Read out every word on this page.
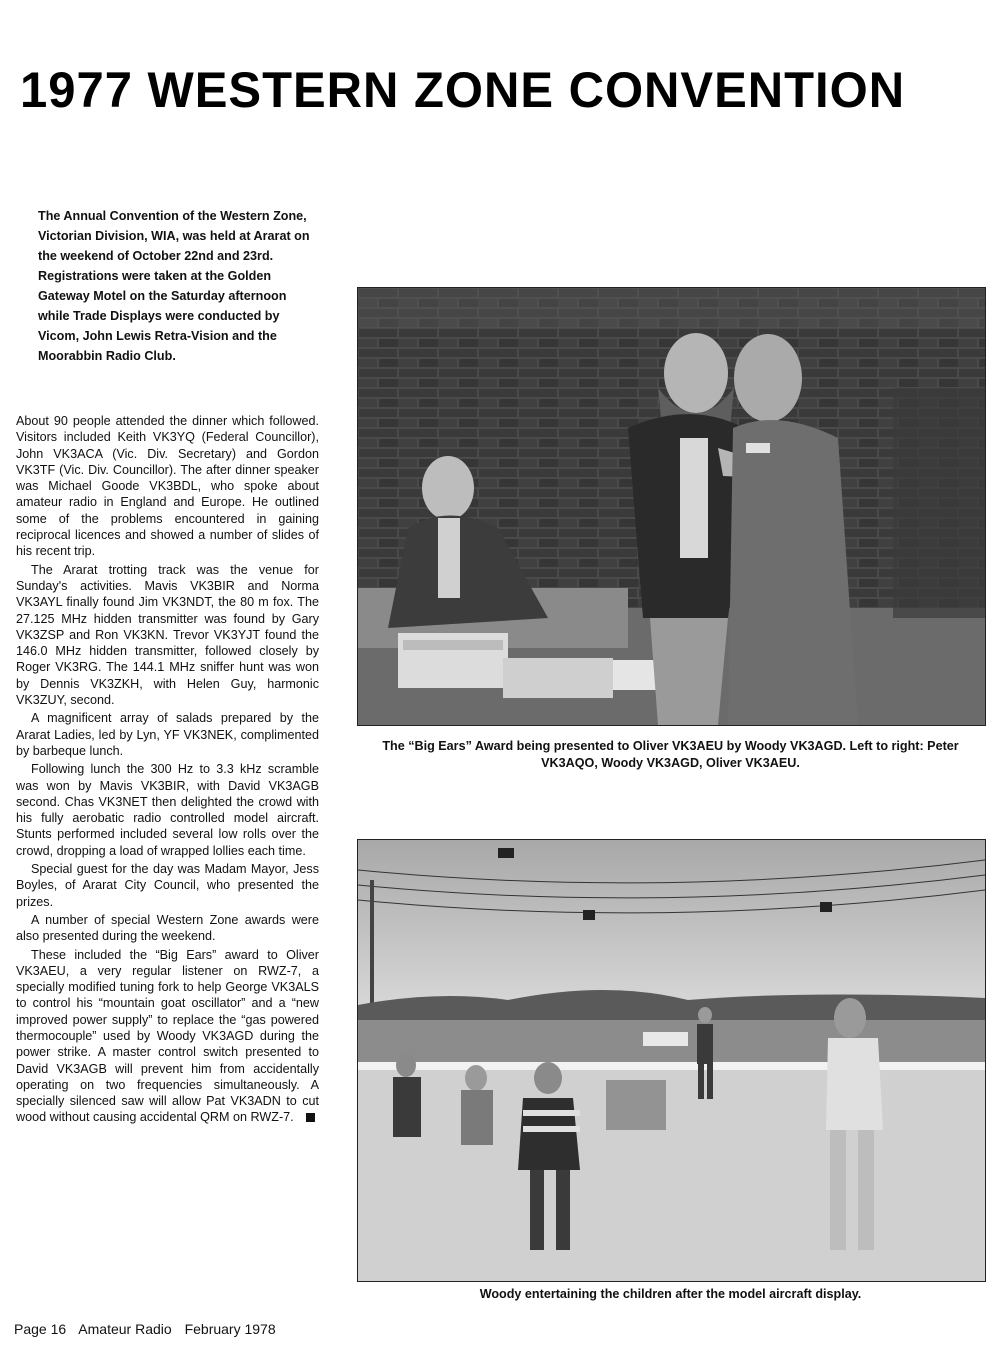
1977 WESTERN ZONE CONVENTION

The Annual Convention of the Western Zone, Victorian Division, WIA, was held at Ararat on the weekend of October 22nd and 23rd. Registrations were taken at the Golden Gateway Motel on the Saturday afternoon while Trade Displays were conducted by Vicom, John Lewis Retra-Vision and the Moorabbin Radio Club.

About 90 people attended the dinner which followed. Visitors included Keith VK3YQ (Federal Councillor), John VK3ACA (Vic. Div. Secretary) and Gordon VK3TF (Vic. Div. Councillor). The after dinner speaker was Michael Goode VK3BDL, who spoke about amateur radio in England and Europe. He outlined some of the problems encountered in gaining reciprocal licences and showed a number of slides of his recent trip.

The Ararat trotting track was the venue for Sunday's activities. Mavis VK3BIR and Norma VK3AYL finally found Jim VK3NDT, the 80 m fox. The 27.125 MHz hidden transmitter was found by Gary VK3ZSP and Ron VK3KN. Trevor VK3YJT found the 146.0 MHz hidden transmitter, followed closely by Roger VK3RG. The 144.1 MHz sniffer hunt was won by Dennis VK3ZKH, with Helen Guy, harmonic VK3ZUY, second.

A magnificent array of salads prepared by the Ararat Ladies, led by Lyn, YF VK3NEK, complimented by barbeque lunch.

Following lunch the 300 Hz to 3.3 kHz scramble was won by Mavis VK3BIR, with David VK3AGB second. Chas VK3NET then delighted the crowd with his fully aerobatic radio controlled model aircraft. Stunts performed included several low rolls over the crowd, dropping a load of wrapped lollies each time.

Special guest for the day was Madam Mayor, Jess Boyles, of Ararat City Council, who presented the prizes.

A number of special Western Zone awards were also presented during the weekend.

These included the “Big Ears” award to Oliver VK3AEU, a very regular listener on RWZ-7, a specially modified tuning fork to help George VK3ALS to control his “mountain goat oscillator” and a “new improved power supply” to replace the “gas powered thermocouple” used by Woody VK3AGD during the power strike. A master control switch presented to David VK3AGB will prevent him from accidentally operating on two frequencies simultaneously. A specially silenced saw will allow Pat VK3ADN to cut wood without causing accidental QRM on RWZ-7.

The “Big Ears” Award being presented to Oliver VK3AEU by Woody VK3AGD. Left to right: Peter VK3AQO, Woody VK3AGD, Oliver VK3AEU.
Woody entertaining the children after the model aircraft display.
Page 16 Amateur Radio February 1978
